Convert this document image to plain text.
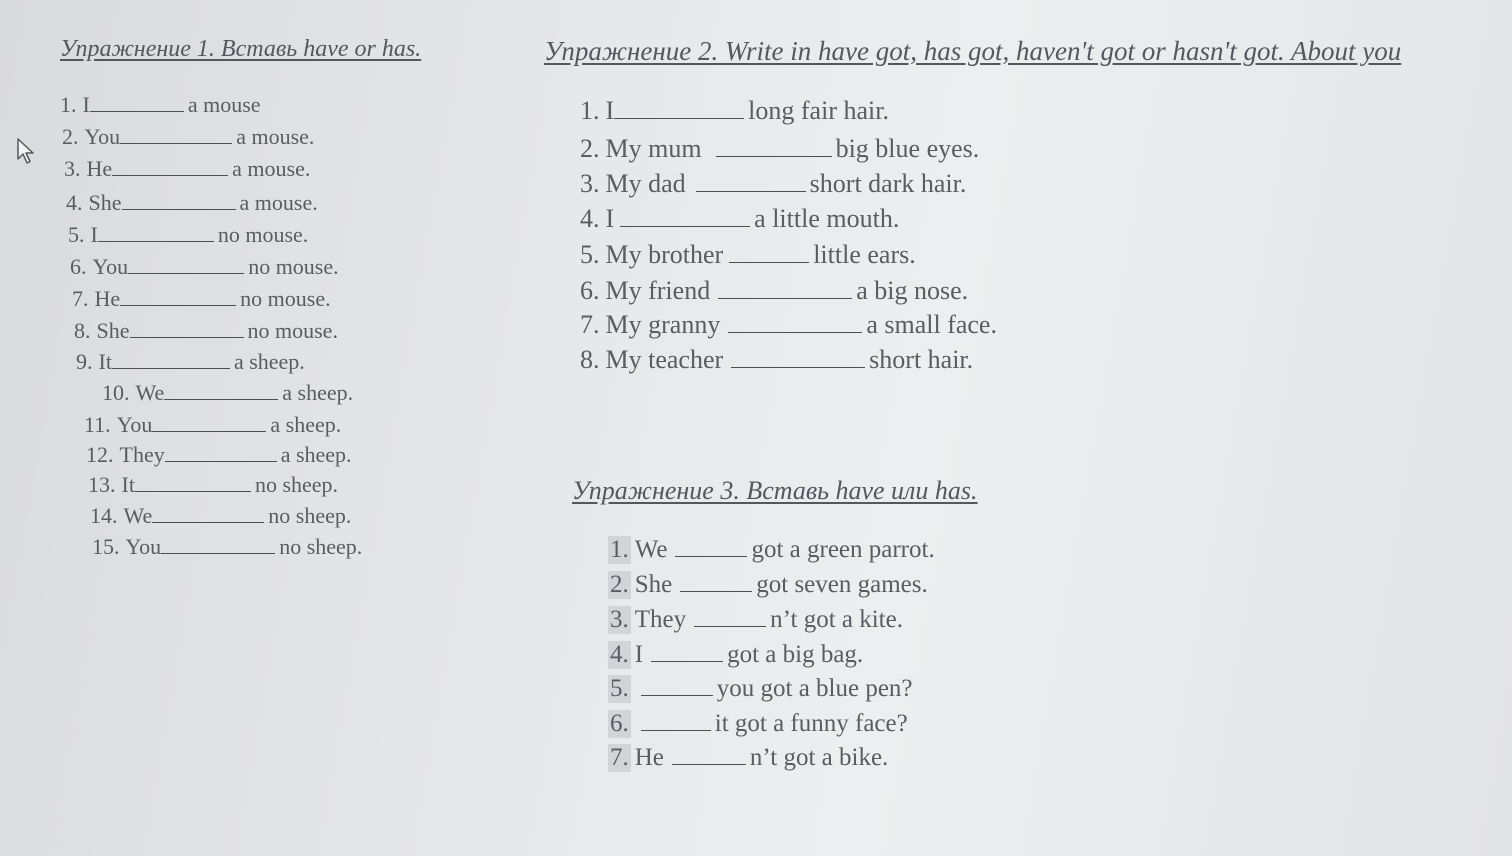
Упражнение 1. Вставь have or has.
1. I	a mouse
2. You	a mouse.
3. He	a mouse.
4. She	a mouse.
5. I	no mouse.
6. You	no mouse.
7. He	no mouse.
8. She	no mouse.
9. It	a sheep.
10. We	a sheep.
11. You	a sheep.
12. They	a sheep.
13. It	no sheep.
14. We	no sheep.
15. You	no sheep.
Упражнение 2. Write in have got, has got, haven't got or hasn't got. About you
1. I	long fair hair.
2. My mum	big blue eyes.
3. My dad	short dark hair.
4. I	a little mouth.
5. My brother	little ears.
6. My friend	a big nose.
7. My granny	a small face.
8. My teacher	short hair.
Упражнение 3. Вставь have или has.
1. We	got a green parrot.
2. She	got seven games.
3. They	n’t got a kite.
4. I	got a big bag.
5.	you got a blue pen?
6.	it got a funny face?
7. He	n’t got a bike.
